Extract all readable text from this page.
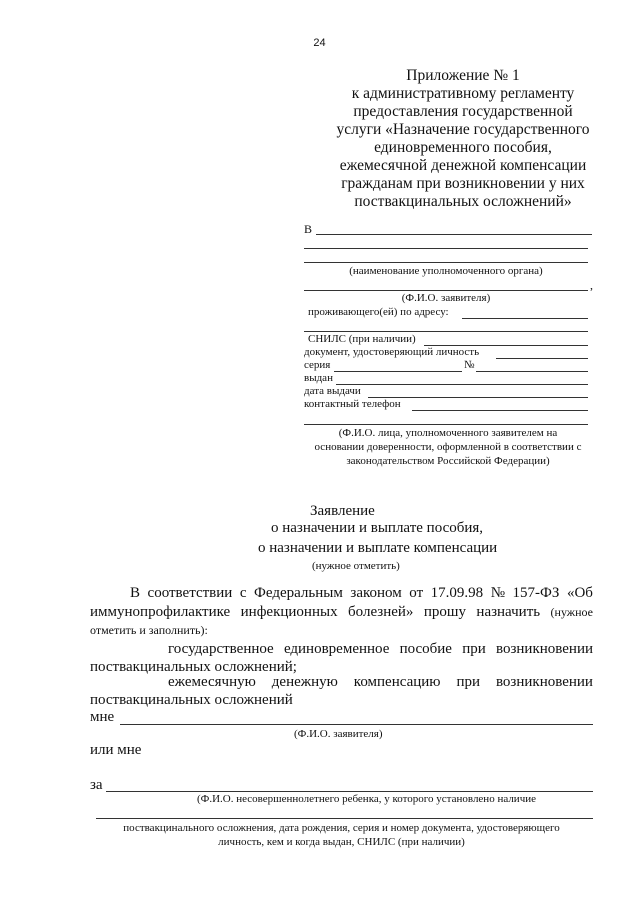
24
Приложение № 1
к административному регламенту
предоставления государственной
услуги «Назначение государственного
единовременного пособия,
ежемесячной денежной компенсации
гражданам при возникновении у них
поствакцинальных осложнений»
В
(наименование уполномоченного органа)
,
(Ф.И.О. заявителя)
проживающего(ей) по адресу:
СНИЛС (при наличии)
документ, удостоверяющий личность
серия	№
выдан
дата выдачи
контактный телефон
(Ф.И.О. лица, уполномоченного заявителем на
основании доверенности, оформленной в соответствии с
законодательством Российской Федерации)
Заявление
о назначении и выплате пособия,
о назначении и выплате компенсации
(нужное отметить)
В соответствии с Федеральным законом от 17.09.98 № 157-ФЗ «Об
иммунопрофилактике инфекционных болезней» прошу назначить (нужное
отметить и заполнить):
государственное единовременное пособие при возникновении
поствакцинальных осложнений;
ежемесячную денежную компенсацию при возникновении
поствакцинальных осложнений
мне
(Ф.И.О. заявителя)
или мне
за
(Ф.И.О. несовершеннолетнего ребенка, у которого установлено наличие
поствакцинального осложнения, дата рождения, серия и номер документа, удостоверяющего
личность, кем и когда выдан, СНИЛС (при наличии)
